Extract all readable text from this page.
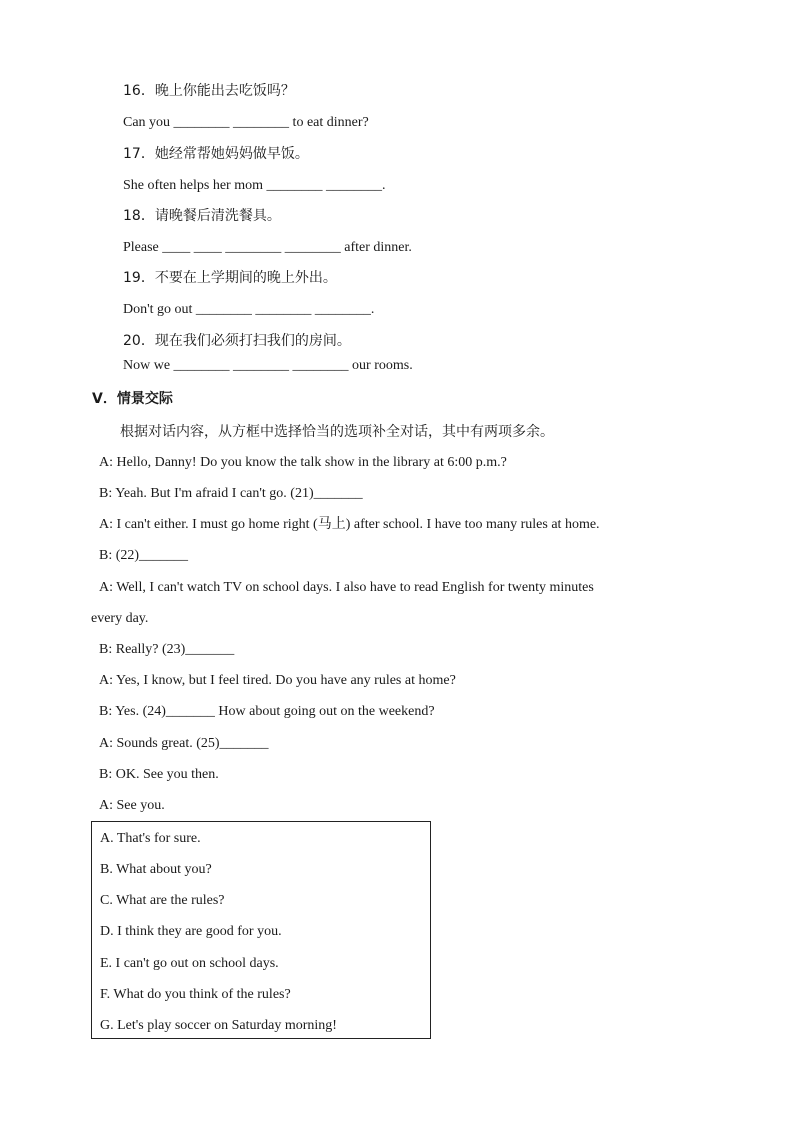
16．晚上你能出去吃饭吗？
Can you ________ ________ to eat dinner?
17．她经常帮她妈妈做早饭。
She often helps her mom ________ ________.
18．请晚餐后清洗餐具。
Please ____ ____ ________ ________ after dinner.
19．不要在上学期间的晚上外出。
Don't go out ________ ________ ________.
20．现在我们必须打扫我们的房间。
Now we ________ ________ ________ our rooms.
Ⅴ．情景交际
根据对话内容，从方框中选择恰当的选项补全对话，其中有两项多余。
A: Hello, Danny! Do you know the talk show in the library at 6:00 p.m.?
B: Yeah. But I'm afraid I can't go. (21)_______
A: I can't either. I must go home right (马上) after school. I have too many rules at home.
B: (22)_______
A: Well, I can't watch TV on school days. I also have to read English for twenty minutes
every day.
B: Really? (23)_______
A: Yes, I know, but I feel tired. Do you have any rules at home?
B: Yes. (24)_______ How about going out on the weekend?
A: Sounds great. (25)_______
B: OK. See you then.
A: See you.
A. That's for sure.
B. What about you?
C. What are the rules?
D. I think they are good for you.
E. I can't go out on school days.
F. What do you think of the rules?
G. Let's play soccer on Saturday morning!
